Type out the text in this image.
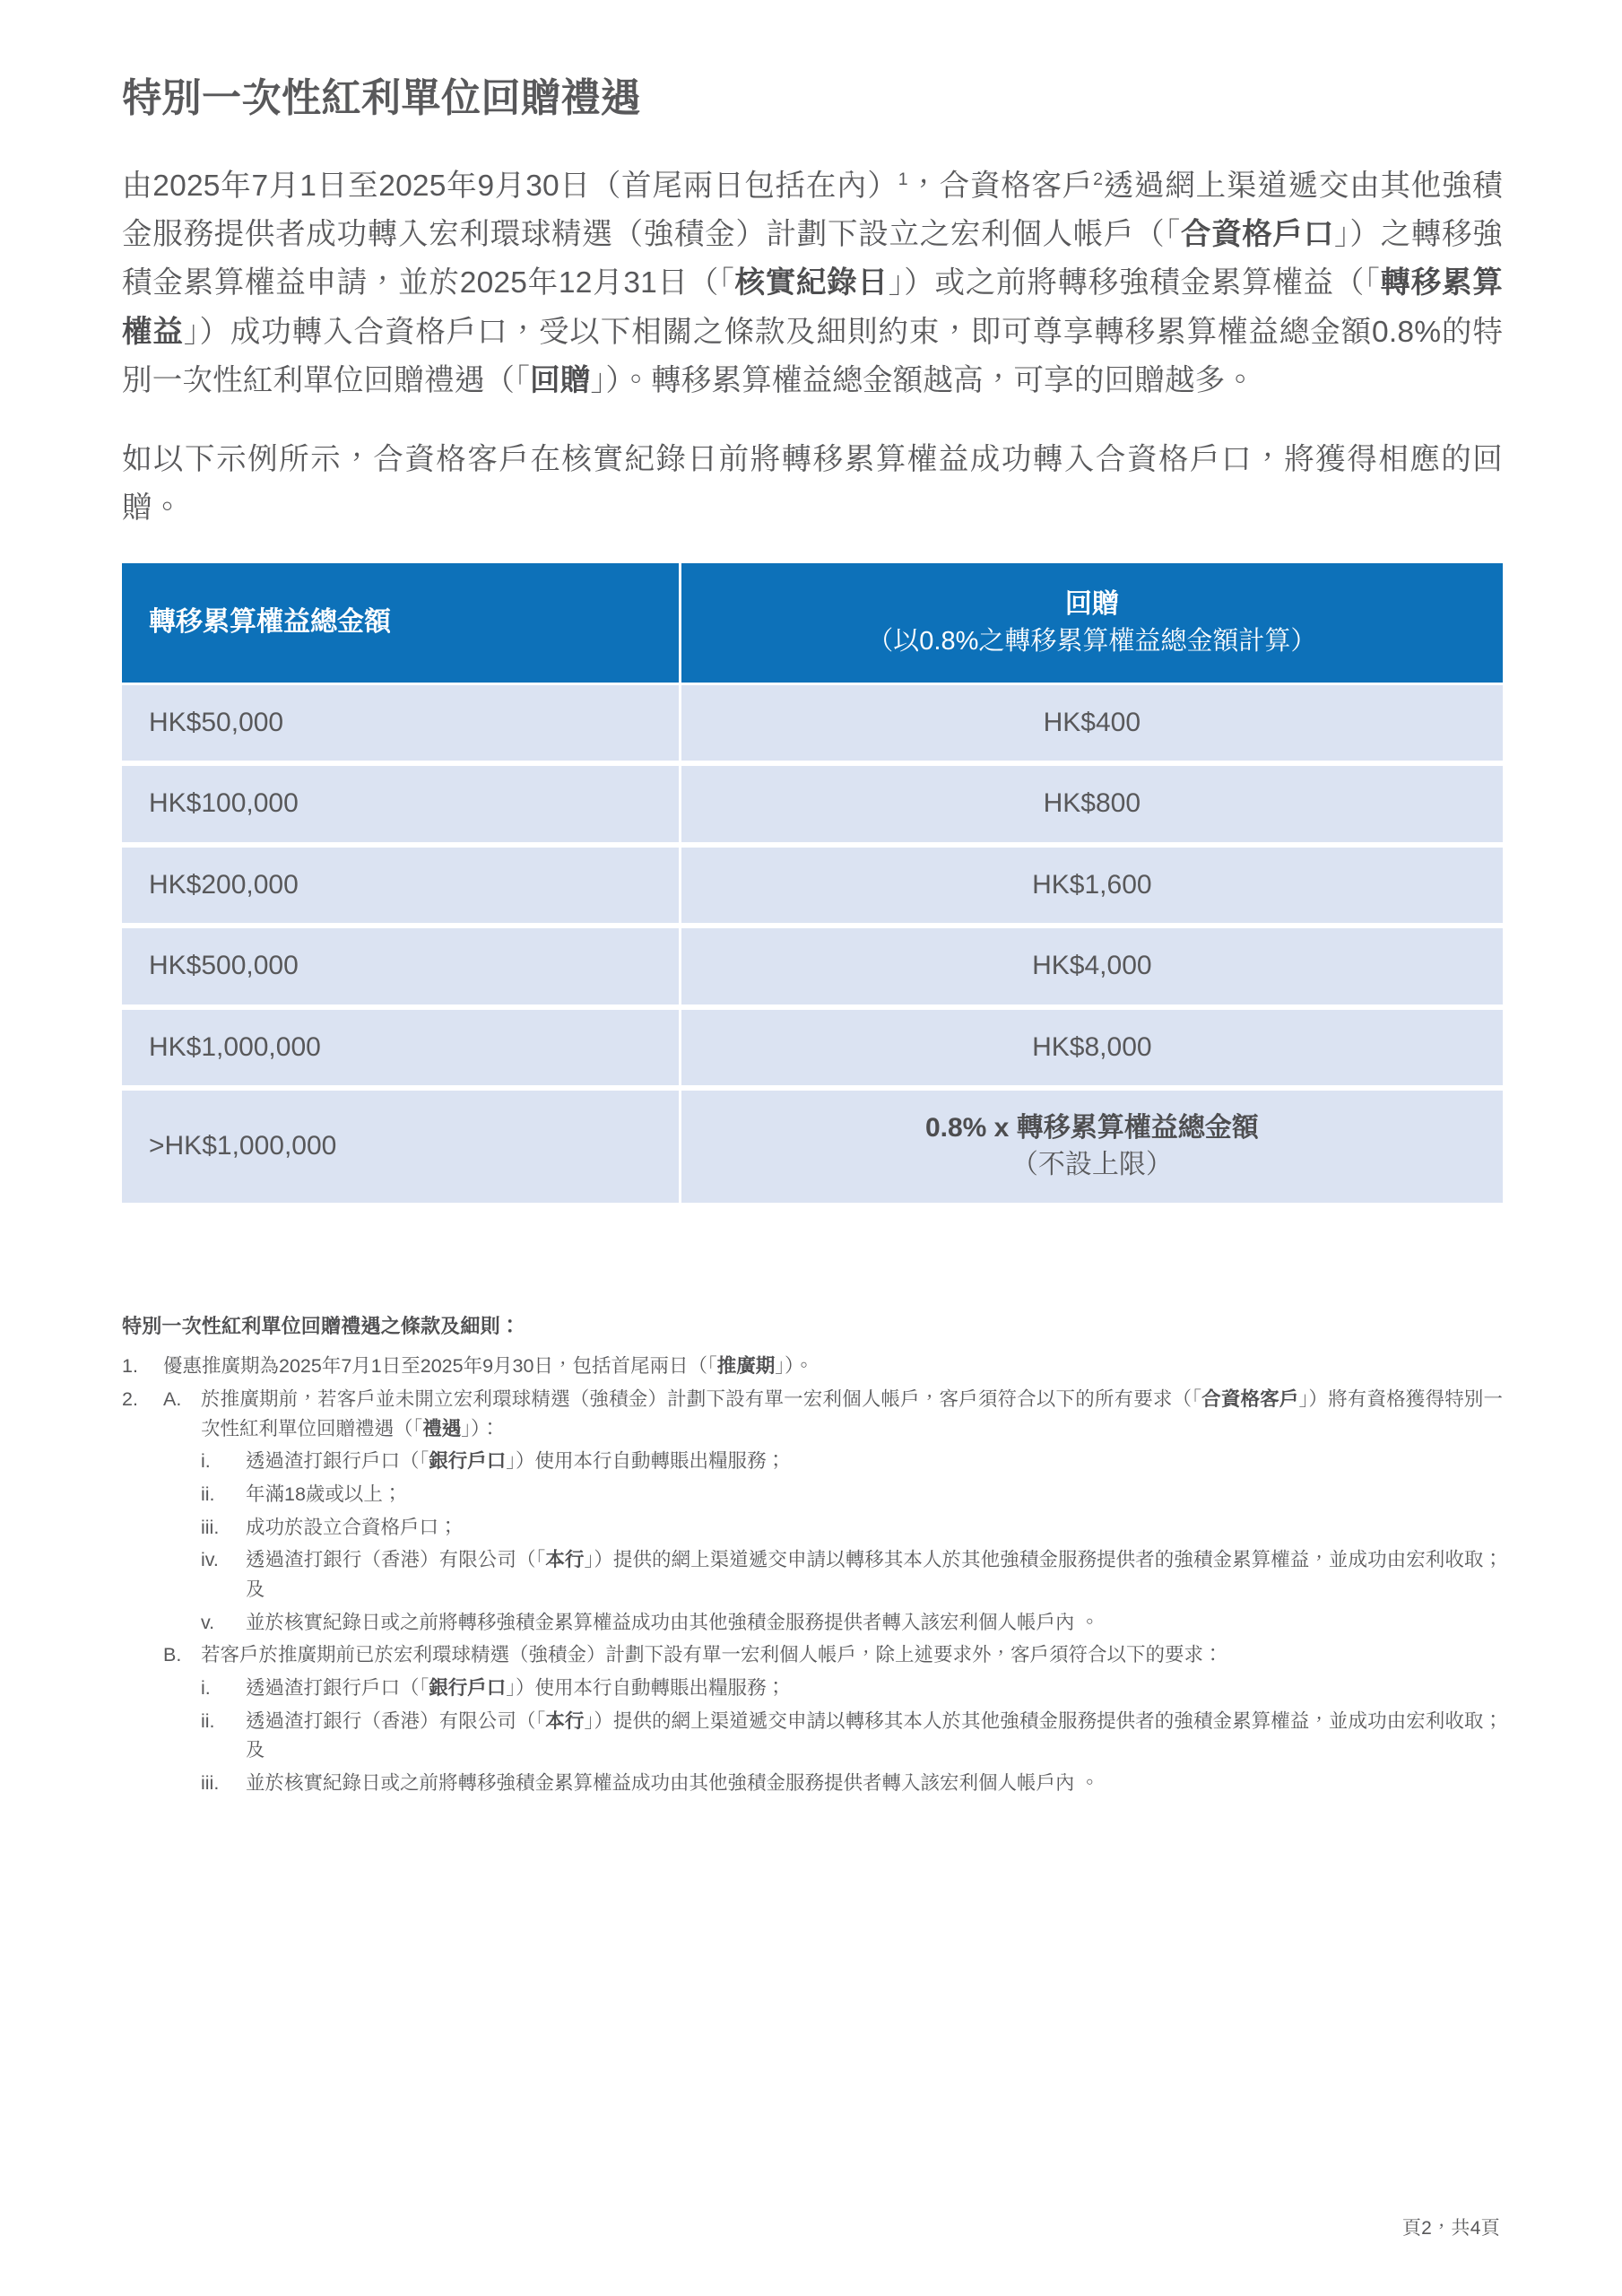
特別一次性紅利單位回贈禮遇

由2025年7月1日至2025年9月30日（首尾兩日包括在內）$^1$，合資格客戶$^2$透過網上渠道遞交由其他強積金服務提供者成功轉入宏利環球精選（強積金）計劃下設立之宏利個人帳戶（「合資格戶口」）之轉移強積金累算權益申請，並於2025年12月31日（「核實紀錄日」）或之前將轉移強積金累算權益（「轉移累算權益」）成功轉入合資格戶口，受以下相關之條款及細則約束，即可尊享轉移累算權益總金額0.8%的特別一次性紅利單位回贈禮遇（「回贈」）。轉移累算權益總金額越高，可享的回贈越多。

如以下示例所示，合資格客戶在核實紀錄日前將轉移累算權益成功轉入合資格戶口，將獲得相應的回贈。

轉移累算權益總金額	回贈
（以0.8%之轉移累算權益總金額計算）

HK$50,000	HK$400
HK$100,000	HK$800
HK$200,000	HK$1,600
HK$500,000	HK$4,000
HK$1,000,000	HK$8,000
>HK$1,000,000	0.8% x 轉移累算權益總金額
（不設上限）
特別一次性紅利單位回贈禮遇之條款及細則：
1.	優惠推廣期為2025年7月1日至2025年9月30日，包括首尾兩日（「推廣期」）。
2.	A.	於推廣期前，若客戶並未開立宏利環球精選（強積金）計劃下設有單一宏利個人帳戶，客戶須符合以下的所有要求（「合資格客戶」）將有資格獲得特別一次性紅利單位回贈禮遇（「禮遇」）：
i.	透過渣打銀行戶口（「銀行戶口」）使用本行自動轉賬出糧服務；
ii.	年滿18歲或以上；
iii.	成功於設立合資格戶口；
iv.	透過渣打銀行（香港）有限公司（「本行」）提供的網上渠道遞交申請以轉移其本人於其他強積金服務提供者的強積金累算權益，並成功由宏利收取；及
v.	並於核實紀錄日或之前將轉移強積金累算權益成功由其他強積金服務提供者轉入該宏利個人帳戶內 。
B.	若客戶於推廣期前已於宏利環球精選（強積金）計劃下設有單一宏利個人帳戶，除上述要求外，客戶須符合以下的要求：
i.	透過渣打銀行戶口（「銀行戶口」）使用本行自動轉賬出糧服務；
ii.	透過渣打銀行（香港）有限公司（「本行」）提供的網上渠道遞交申請以轉移其本人於其他強積金服務提供者的強積金累算權益，並成功由宏利收取；及
iii.	並於核實紀錄日或之前將轉移強積金累算權益成功由其他強積金服務提供者轉入該宏利個人帳戶內 。
頁2，共4頁
